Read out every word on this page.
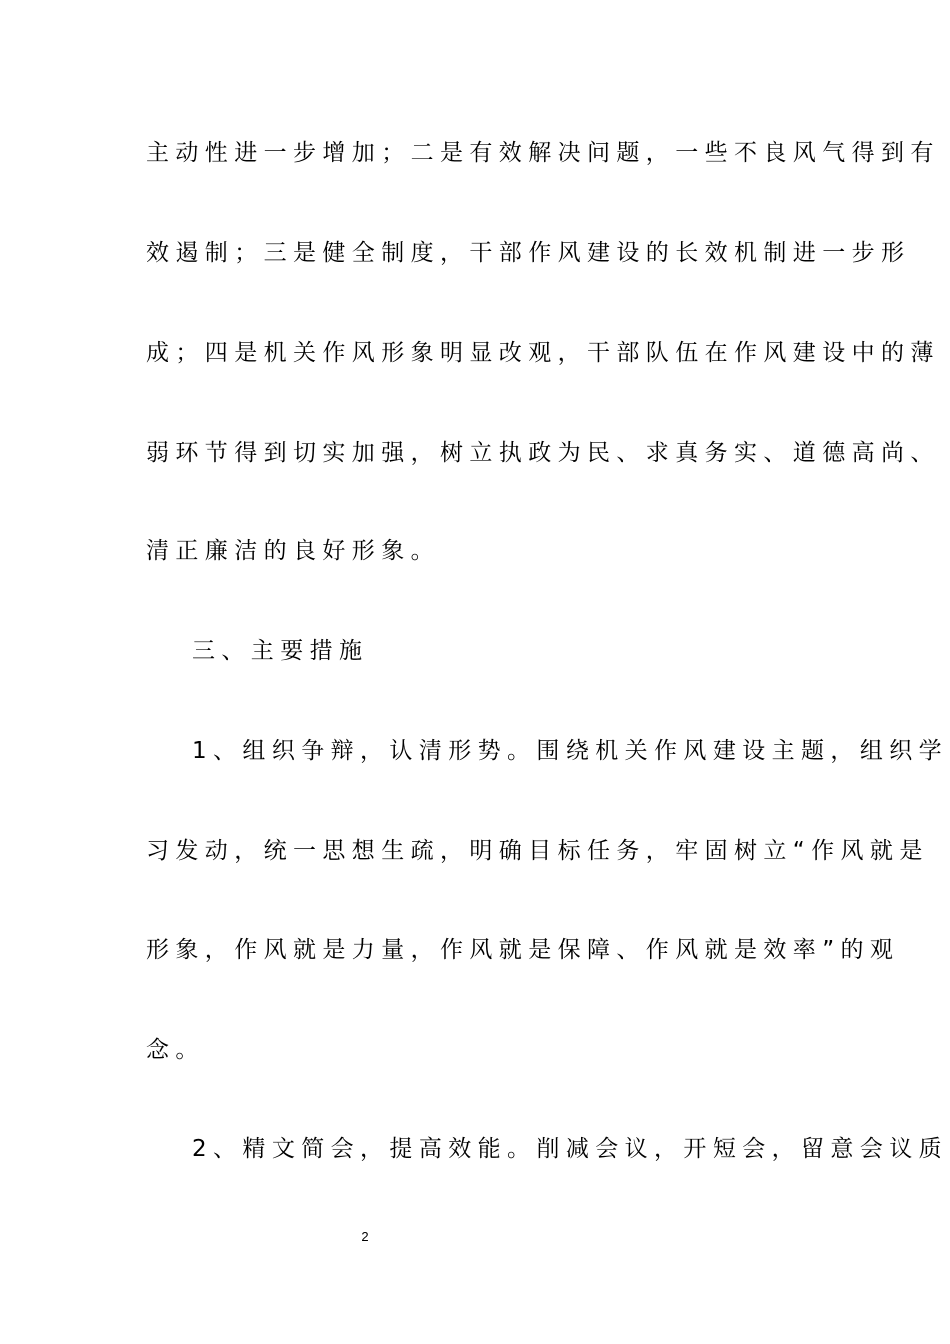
主动性进一步增加；二是有效解决问题，一些不良风气得到有
效遏制；三是健全制度，干部作风建设的长效机制进一步形
成；四是机关作风形象明显改观，干部队伍在作风建设中的薄
弱环节得到切实加强，树立执政为民、求真务实、道德高尚、
清正廉洁的良好形象。
三、主要措施
1、组织争辩，认清形势。围绕机关作风建设主题，组织学
习发动，统一思想生疏，明确目标任务，牢固树立“作风就是
形象，作风就是力量，作风就是保障、作风就是效率”的观
念。
2、精文简会，提高效能。削减会议，开短会，留意会议质
2
